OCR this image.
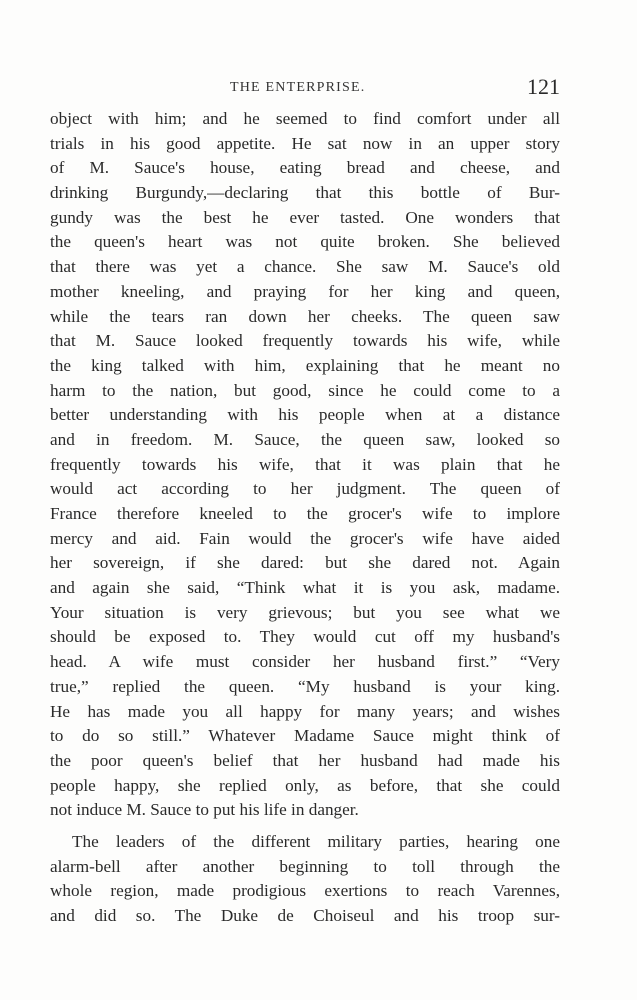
THE ENTERPRISE.	121
object with him; and he seemed to find comfort under all
trials in his good appetite. He sat now in an upper story
of M. Sauce's house, eating bread and cheese, and
drinking Burgundy,—declaring that this bottle of Bur-
gundy was the best he ever tasted. One wonders that
the queen's heart was not quite broken. She believed
that there was yet a chance. She saw M. Sauce's old
mother kneeling, and praying for her king and queen,
while the tears ran down her cheeks. The queen saw
that M. Sauce looked frequently towards his wife, while
the king talked with him, explaining that he meant no
harm to the nation, but good, since he could come to a
better understanding with his people when at a distance
and in freedom. M. Sauce, the queen saw, looked so
frequently towards his wife, that it was plain that he
would act according to her judgment. The queen of
France therefore kneeled to the grocer's wife to implore
mercy and aid. Fain would the grocer's wife have aided
her sovereign, if she dared: but she dared not. Again
and again she said, “Think what it is you ask, madame.
Your situation is very grievous; but you see what we
should be exposed to. They would cut off my husband's
head. A wife must consider her husband first.” “Very
true,” replied the queen. “My husband is your king.
He has made you all happy for many years; and wishes
to do so still.” Whatever Madame Sauce might think of
the poor queen's belief that her husband had made his
people happy, she replied only, as before, that she could
not induce M. Sauce to put his life in danger.
The leaders of the different military parties, hearing one
alarm-bell after another beginning to toll through the
whole region, made prodigious exertions to reach Varennes,
and did so. The Duke de Choiseul and his troop sur-
